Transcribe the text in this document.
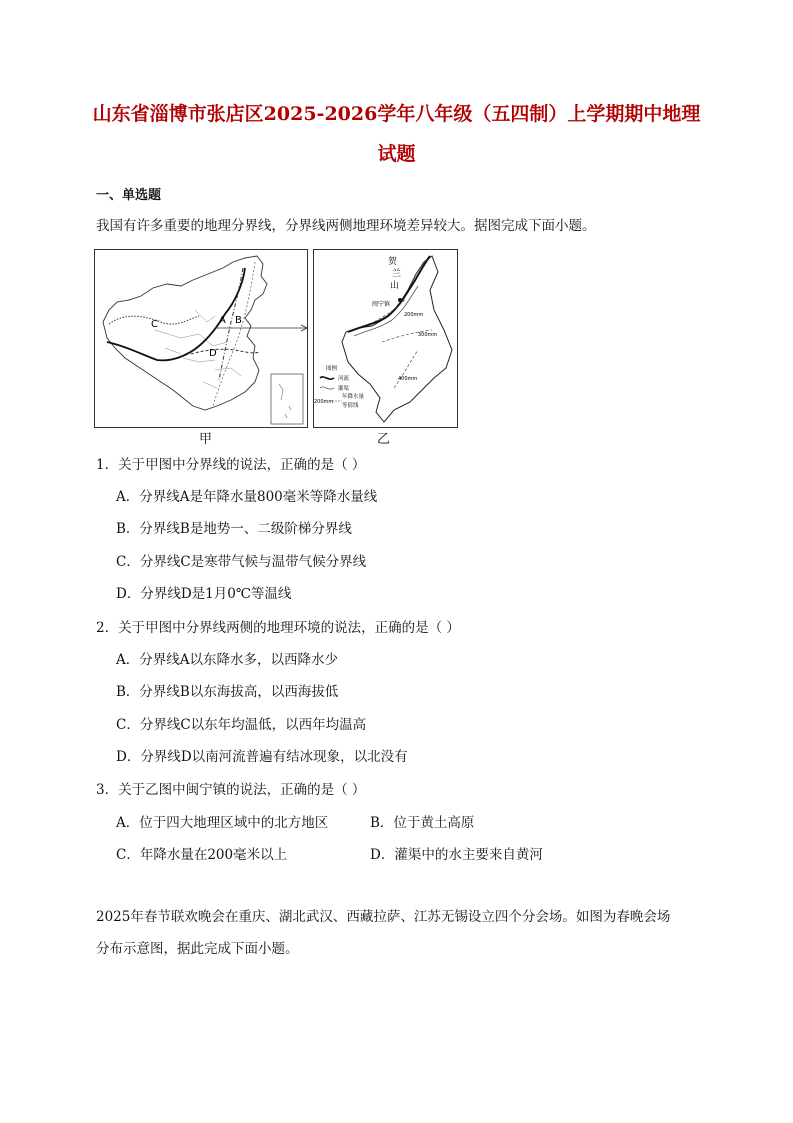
山东省淄博市张店区2025-2026学年八年级（五四制）上学期期中地理
试题
一、单选题
我国有许多重要的地理分界线，分界线两侧地理环境差异较大。据图完成下面小题。
C	A B
D
贺
兰
山
闽宁镇
200mm
300mm
400mm
图例
河流
灌渠
年降水量
200mm
等值线
甲	乙
1．关于甲图中分界线的说法，正确的是（ ）
A．分界线A是年降水量800毫米等降水量线
B．分界线B是地势一、二级阶梯分界线
C．分界线C是寒带气候与温带气候分界线
D．分界线D是1月0℃等温线
2．关于甲图中分界线两侧的地理环境的说法，正确的是（ ）
A．分界线A以东降水多，以西降水少
B．分界线B以东海拔高，以西海拔低
C．分界线C以东年均温低，以西年均温高
D．分界线D以南河流普遍有结冰现象，以北没有
3．关于乙图中闽宁镇的说法，正确的是（ ）
A．位于四大地理区域中的北方地区	B．位于黄土高原
C．年降水量在200毫米以上	D．灌渠中的水主要来自黄河
2025年春节联欢晚会在重庆、湖北武汉、西藏拉萨、江苏无锡设立四个分会场。如图为春晚会场
分布示意图，据此完成下面小题。
